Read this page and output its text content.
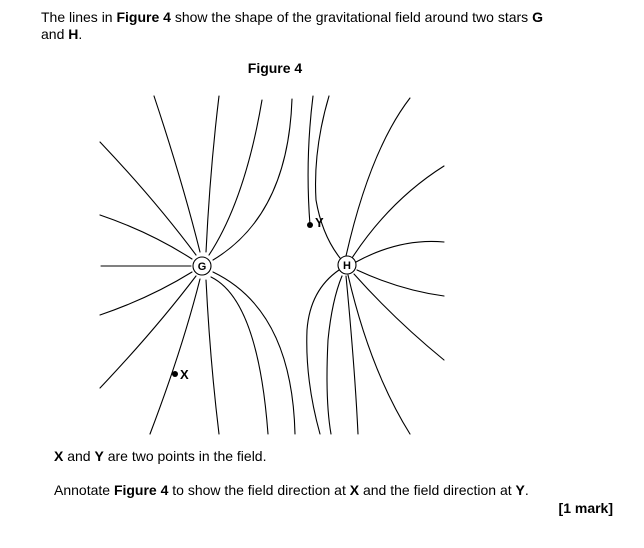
The lines in Figure 4 show the shape of the gravitational field around two stars G
and H.
Figure 4
G	H
X
Y
X and Y are two points in the field.
Annotate Figure 4 to show the field direction at X and the field direction at Y.
[1 mark]
